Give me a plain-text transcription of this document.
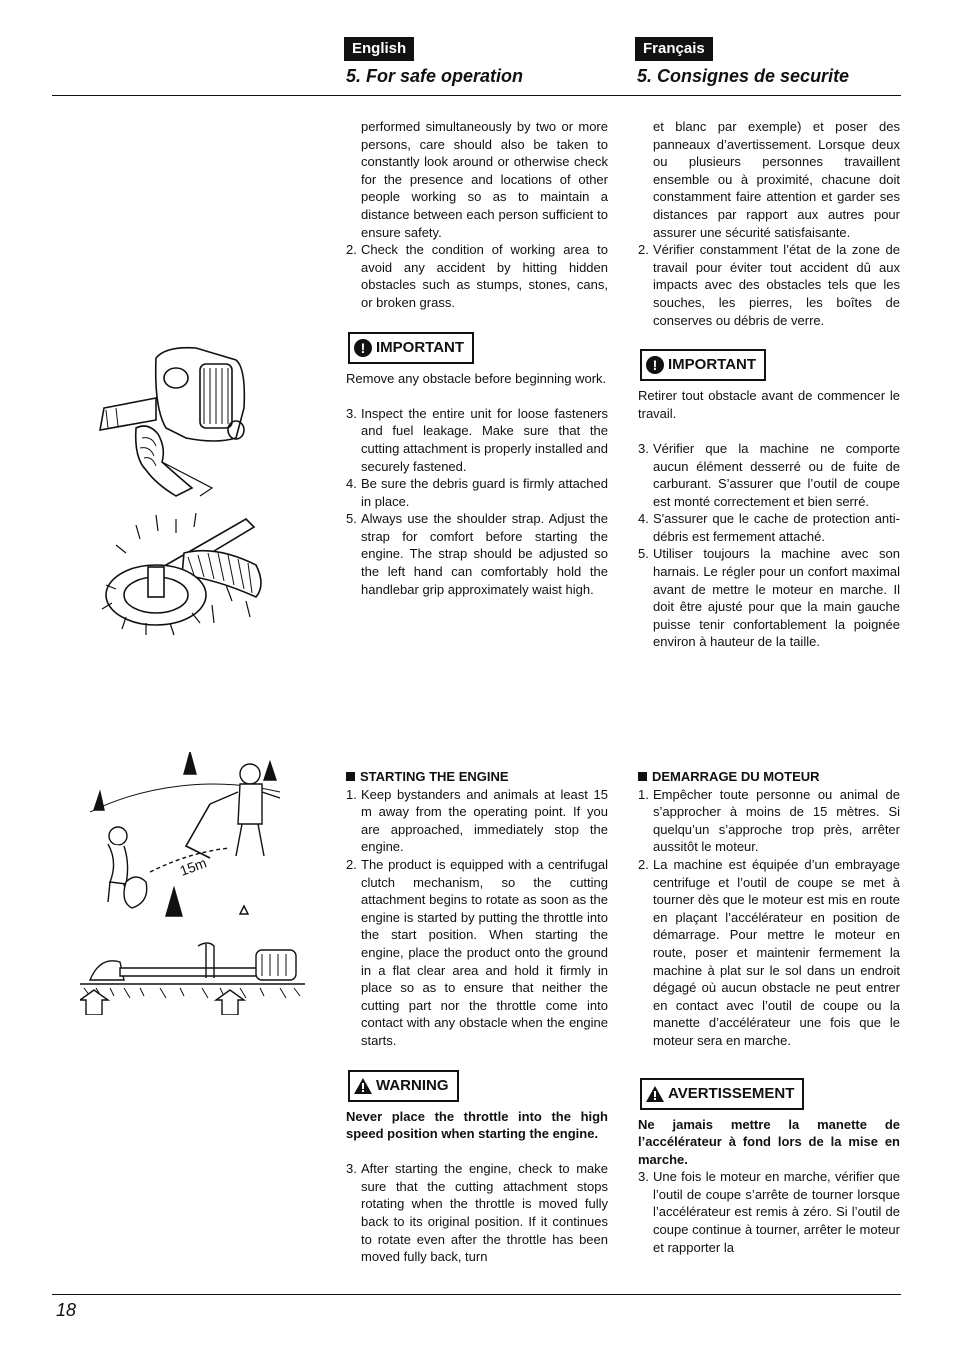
English	Français
5. For safe operation	5. Consignes de securite
15m

performed simultaneously by two or more persons, care should also be taken to constantly look around or otherwise check for the presence and locations of other people working so as to maintain a distance between each person sufficient to ensure safety.

2. Check the condition of working area to avoid any accident by hitting hidden obstacles such as stumps, stones, cans, or broken grass.
! IMPORTANT

Remove any obstacle before beginning work.

3. Inspect the entire unit for loose fasteners and fuel leakage. Make sure that the cutting attachment is properly installed and securely fastened.
4. Be sure the debris guard is firmly attached in place.
5. Always use the shoulder strap. Adjust the strap for comfort before starting the engine. The strap should be adjusted so the left hand can comfortably hold the handlebar grip approximately waist high.

et blanc par exemple) et poser des panneaux d’avertissement. Lorsque deux ou plusieurs personnes travaillent ensemble ou à proximité, chacune doit constamment faire attention et garder ses distances par rapport aux autres pour assurer une sécurité satisfaisante.

2. Vérifier constamment l’état de la zone de travail pour éviter tout accident dû aux impacts avec des obstacles tels que les souches, les pierres, les boîtes de conserves ou débris de verre.
! IMPORTANT

Retirer tout obstacle avant de commencer le travail.

3. Vérifier que la machine ne comporte aucun élément desserré ou de fuite de carburant. S’assurer que l’outil de coupe est monté correctement et bien serré.
4. S'assurer que le cache de protection anti-débris est fermement attaché.
5. Utiliser toujours la machine avec son harnais. Le régler pour un confort maximal avant de mettre le moteur en marche. Il doit être ajusté pour que la main gauche puisse tenir confortablement la poignée environ à hauteur de la taille.
STARTING THE ENGINE
1. Keep bystanders and animals at least 15 m away from the operating point. If you are approached, immediately stop the engine.
2. The product is equipped with a centrifugal clutch mechanism, so the cutting attachment begins to rotate as soon as the engine is started by putting the throttle into the start position. When starting the engine, place the product onto the ground in a flat clear area and hold it firmly in place so as to ensure that neither the cutting part nor the throttle come into contact with any obstacle when the engine starts.
WARNING

Never place the throttle into the high speed position when starting the engine.

3. After starting the engine, check to make sure that the cutting attachment stops rotating when the throttle is moved fully back to its original position. If it continues to rotate even after the throttle has been moved fully back, turn
DEMARRAGE DU MOTEUR
1. Empêcher toute personne ou animal de s’approcher à moins de 15 mètres. Si quelqu’un s’approche trop près, arrêter aussitôt le moteur.
2. La machine est équipée d’un embrayage centrifuge et l’outil de coupe se met à tourner dès que le moteur est mis en route en plaçant l’accélérateur en position de démarrage. Pour mettre le moteur en route, poser et maintenir fermement la machine à plat sur le sol dans un endroit dégagé où aucun obstacle ne peut entrer en contact avec l’outil de coupe ou la manette d’accélérateur une fois que le moteur sera en marche.
AVERTISSEMENT

Ne jamais mettre la manette de l’accélérateur à fond lors de la mise en marche.

3. Une fois le moteur en marche, vérifier que l’outil de coupe s’arrête de tourner lorsque l’accélérateur est remis à zéro. Si l’outil de coupe continue à tourner, arrêter le moteur et rapporter la
18
